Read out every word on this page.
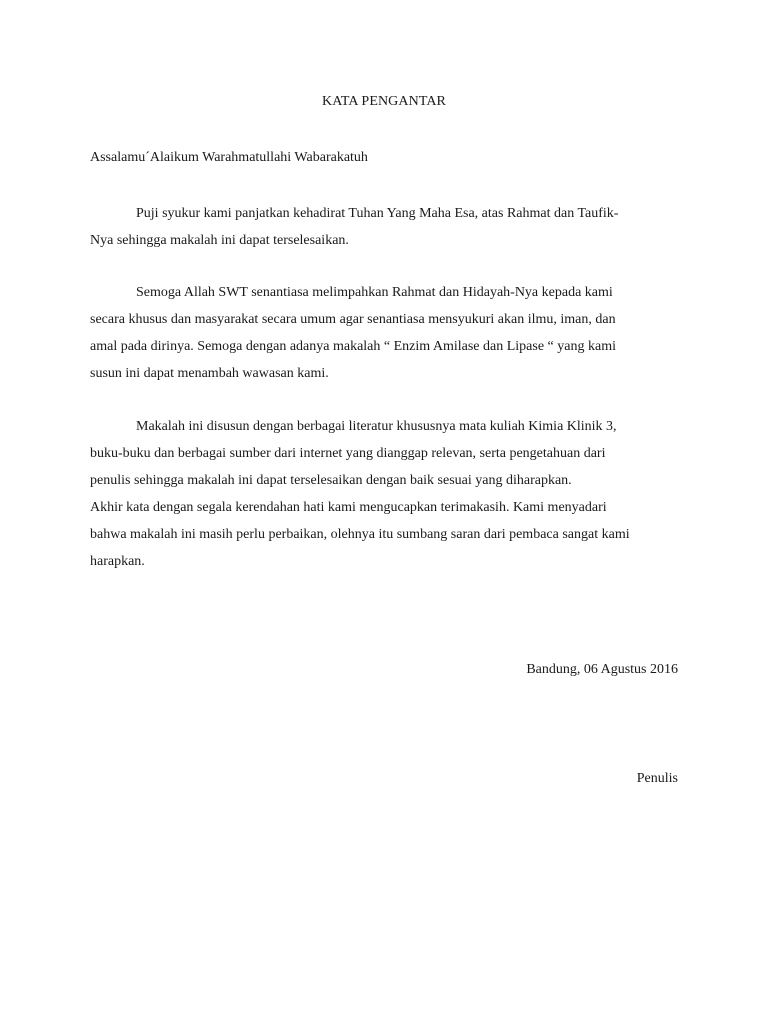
KATA PENGANTAR
Assalamu´Alaikum Warahmatullahi Wabarakatuh

Puji syukur kami panjatkan kehadirat Tuhan Yang Maha Esa, atas Rahmat dan Taufik-
Nya sehingga makalah ini dapat terselesaikan.

Semoga Allah SWT senantiasa melimpahkan Rahmat dan Hidayah-Nya kepada kami
secara khusus dan masyarakat secara umum agar senantiasa mensyukuri akan ilmu, iman, dan
amal pada dirinya. Semoga dengan adanya makalah “ Enzim Amilase dan Lipase “ yang kami
susun ini dapat menambah wawasan kami.

Makalah ini disusun dengan berbagai literatur khususnya mata kuliah Kimia Klinik 3,
buku-buku dan berbagai sumber dari internet yang dianggap relevan, serta pengetahuan dari
penulis sehingga makalah ini dapat terselesaikan dengan baik sesuai yang diharapkan.
Akhir kata dengan segala kerendahan hati kami mengucapkan terimakasih. Kami menyadari
bahwa makalah ini masih perlu perbaikan, olehnya itu sumbang saran dari pembaca sangat kami
harapkan.

Bandung, 06 Agustus 2016
Penulis
